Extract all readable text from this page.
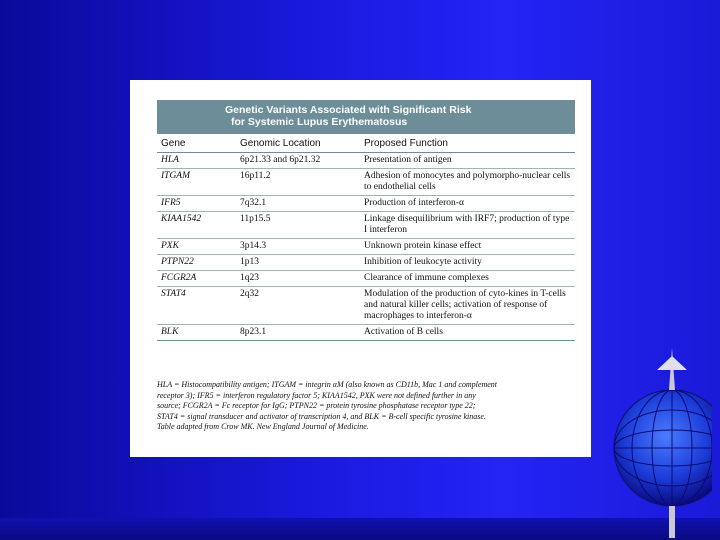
Genetic Variants Associated with Significant Risk
for Systemic Lupus Erythematosus
Gene	Genomic Location	Proposed Function
HLA	6p21.33 and 6p21.32	Presentation of antigen
ITGAM	16p11.2	Adhesion of monocytes and polymorpho-nuclear cells to endothelial cells
IFR5	7q32.1	Production of interferon-α
KIAA1542	11p15.5	Linkage disequilibrium with IRF7; production of type I interferon
PXK	3p14.3	Unknown protein kinase effect
PTPN22	1p13	Inhibition of leukocyte activity
FCGR2A	1q23	Clearance of immune complexes
STAT4	2q32	Modulation of the production of cyto-kines in T-cells and natural killer cells; activation of response of macrophages to interferon-α
BLK	8p23.1	Activation of B cells
HLA = Histocompatibility antigen; ITGAM = integrin αM (also known as CD11b, Mac 1 and complement
receptor 3); IFR5 = interferon regulatory factor 5; KIAA1542, PXK were not defined further in any
source; FCGR2A = Fc receptor for IgG; PTPN22 = protein tyrosine phosphatase receptor type 22;
STAT4 = signal transducer and activator of transcription 4, and BLK = B-cell specific tyrosine kinase.
Table adapted from Crow MK. New England Journal of Medicine.
